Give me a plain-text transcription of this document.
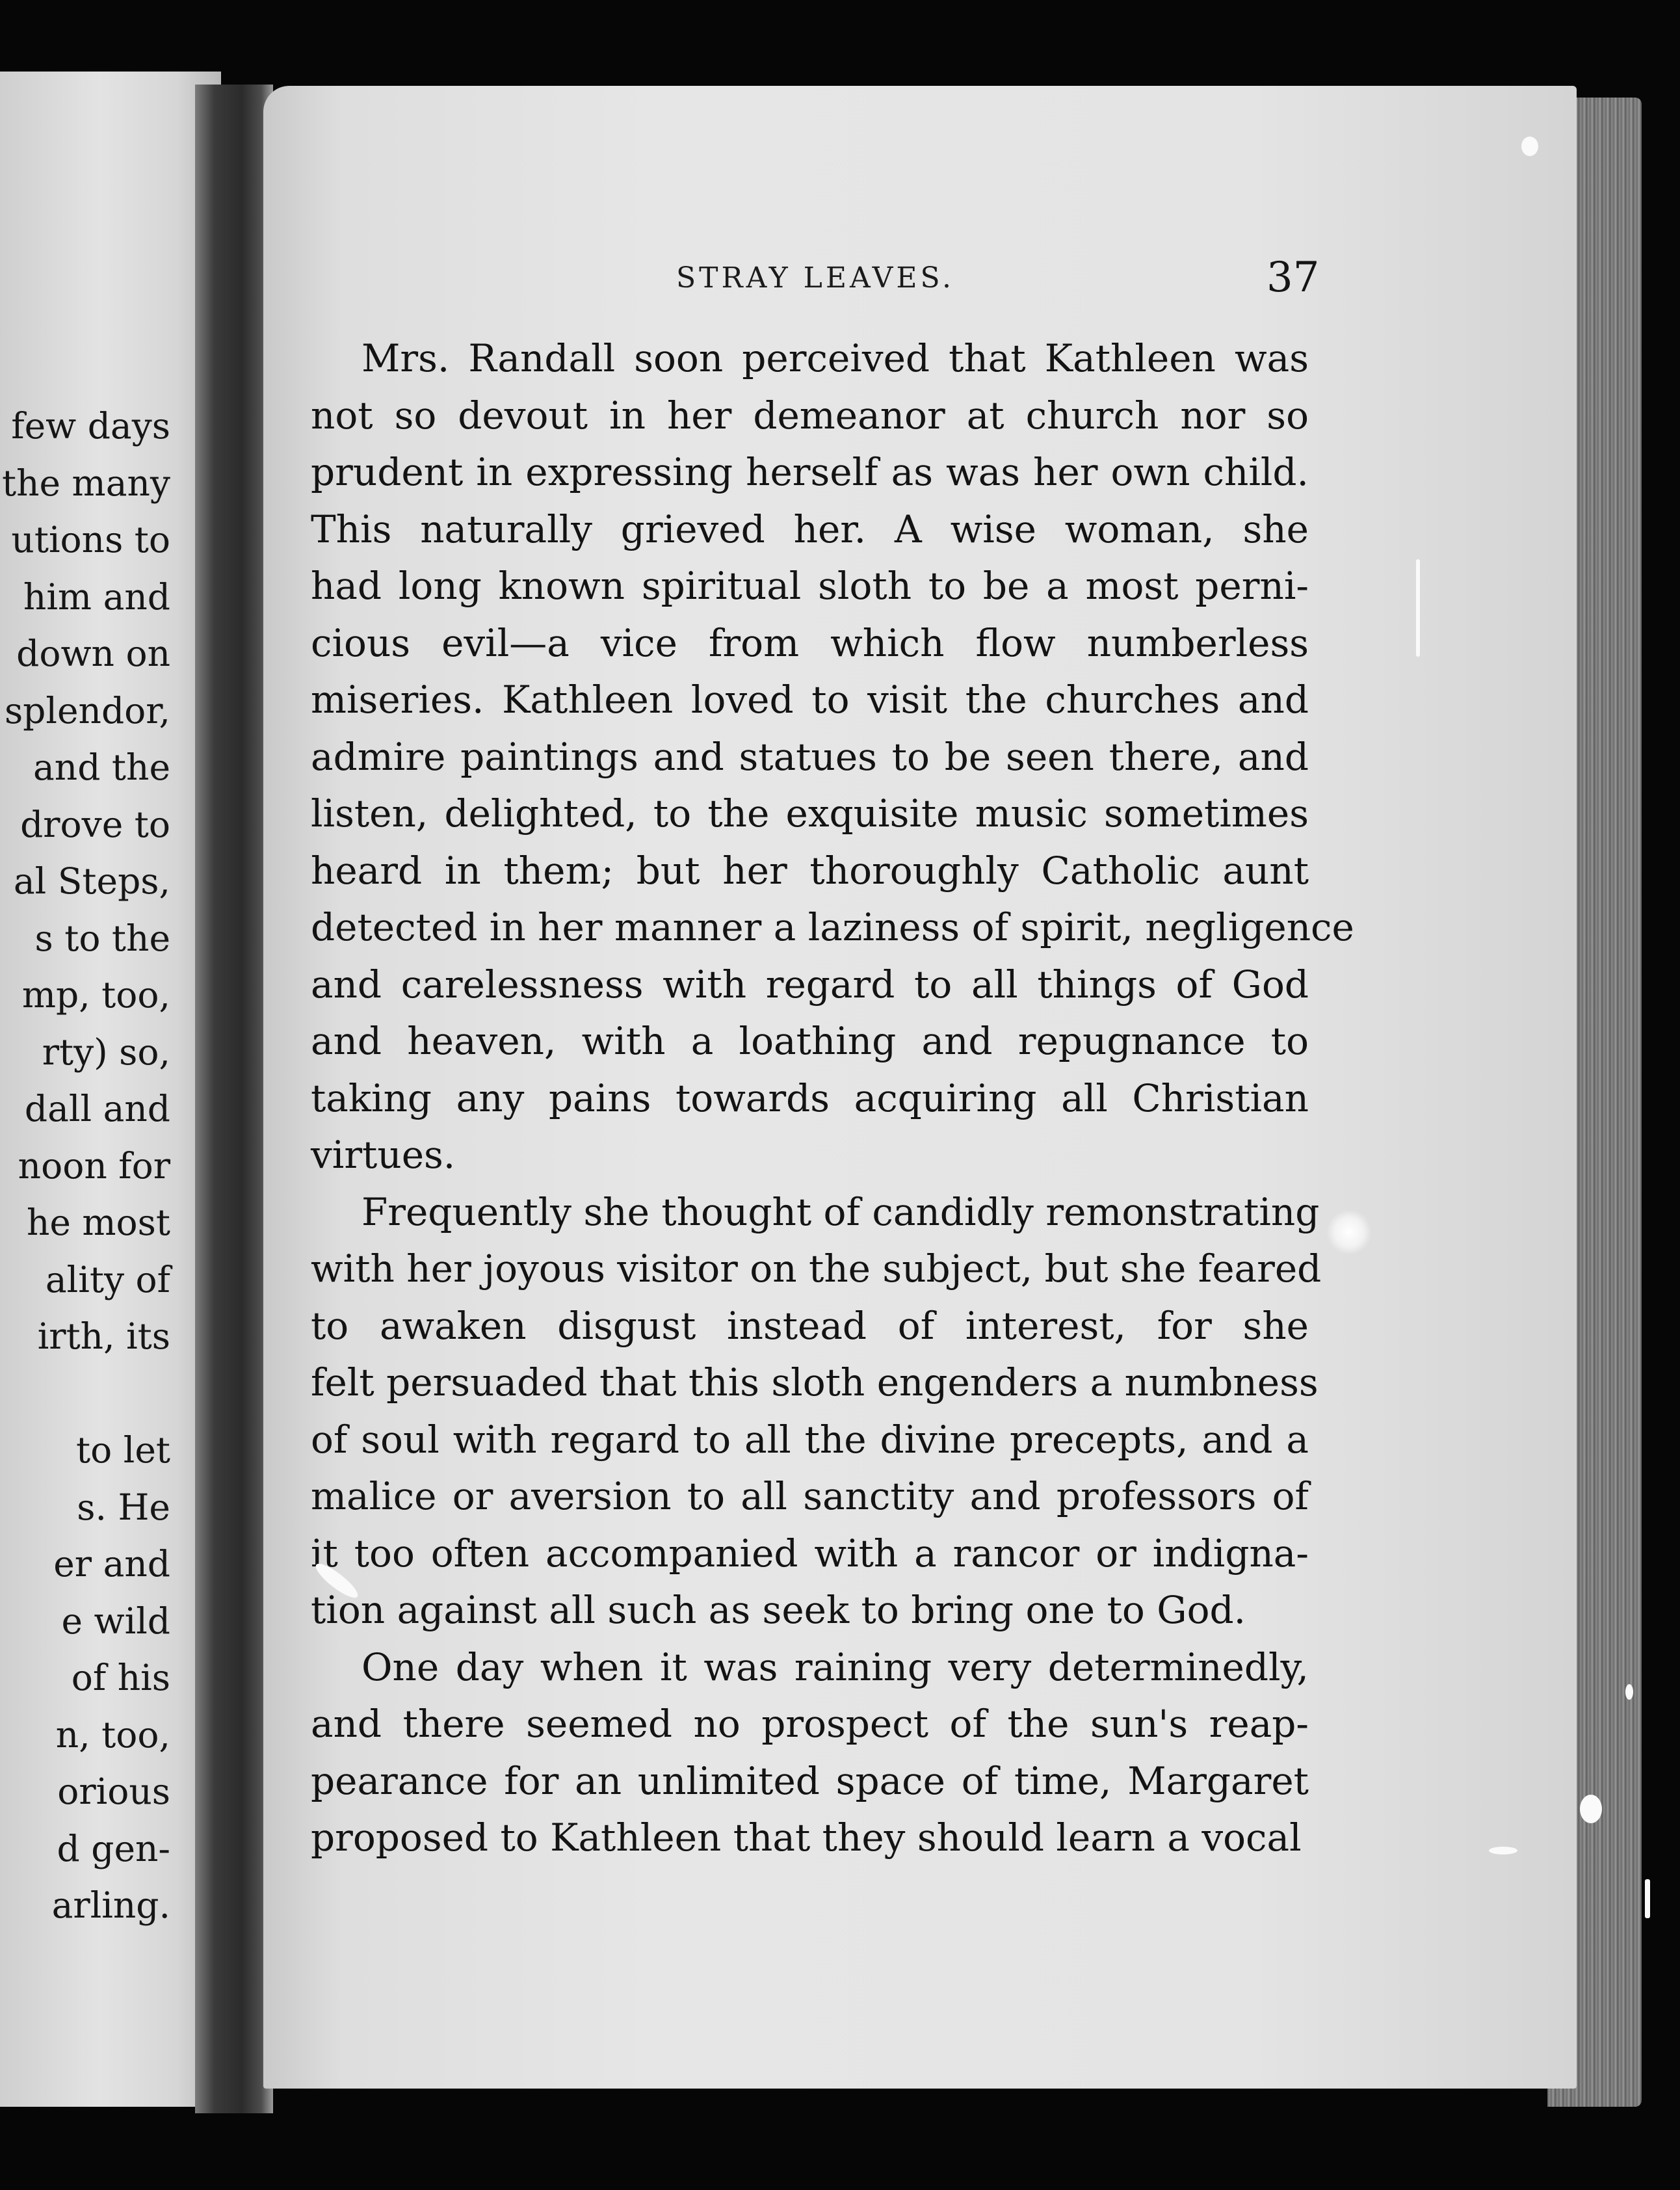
few days
the many
utions to
him and
down on
splendor,
and the
drove to
al Steps,
s to the
mp, too,
rty) so,
dall and
noon for
he most
ality of
irth, its
to let
s. He
er and
e wild
of his
n, too,
orious
d gen-
arling.
STRAY LEAVES.	37
Mrs. Randall soon perceived that Kathleen was
not so devout in her demeanor at church nor so
prudent in expressing herself as was her own child.
This naturally grieved her. A wise woman, she
had long known spiritual sloth to be a most perni-
cious evil—a vice from which flow numberless
miseries. Kathleen loved to visit the churches and
admire paintings and statues to be seen there, and
listen, delighted, to the exquisite music sometimes
heard in them; but her thoroughly Catholic aunt
detected in her manner a laziness of spirit, negligence
and carelessness with regard to all things of God
and heaven, with a loathing and repugnance to
taking any pains towards acquiring all Christian
virtues.
Frequently she thought of candidly remonstrating
with her joyous visitor on the subject, but she feared
to awaken disgust instead of interest, for she
felt persuaded that this sloth engenders a numbness
of soul with regard to all the divine precepts, and a
malice or aversion to all sanctity and professors of
it too often accompanied with a rancor or indigna-
tion against all such as seek to bring one to God.
One day when it was raining very determinedly,
and there seemed no prospect of the sun's reap-
pearance for an unlimited space of time, Margaret
proposed to Kathleen that they should learn a vocal
